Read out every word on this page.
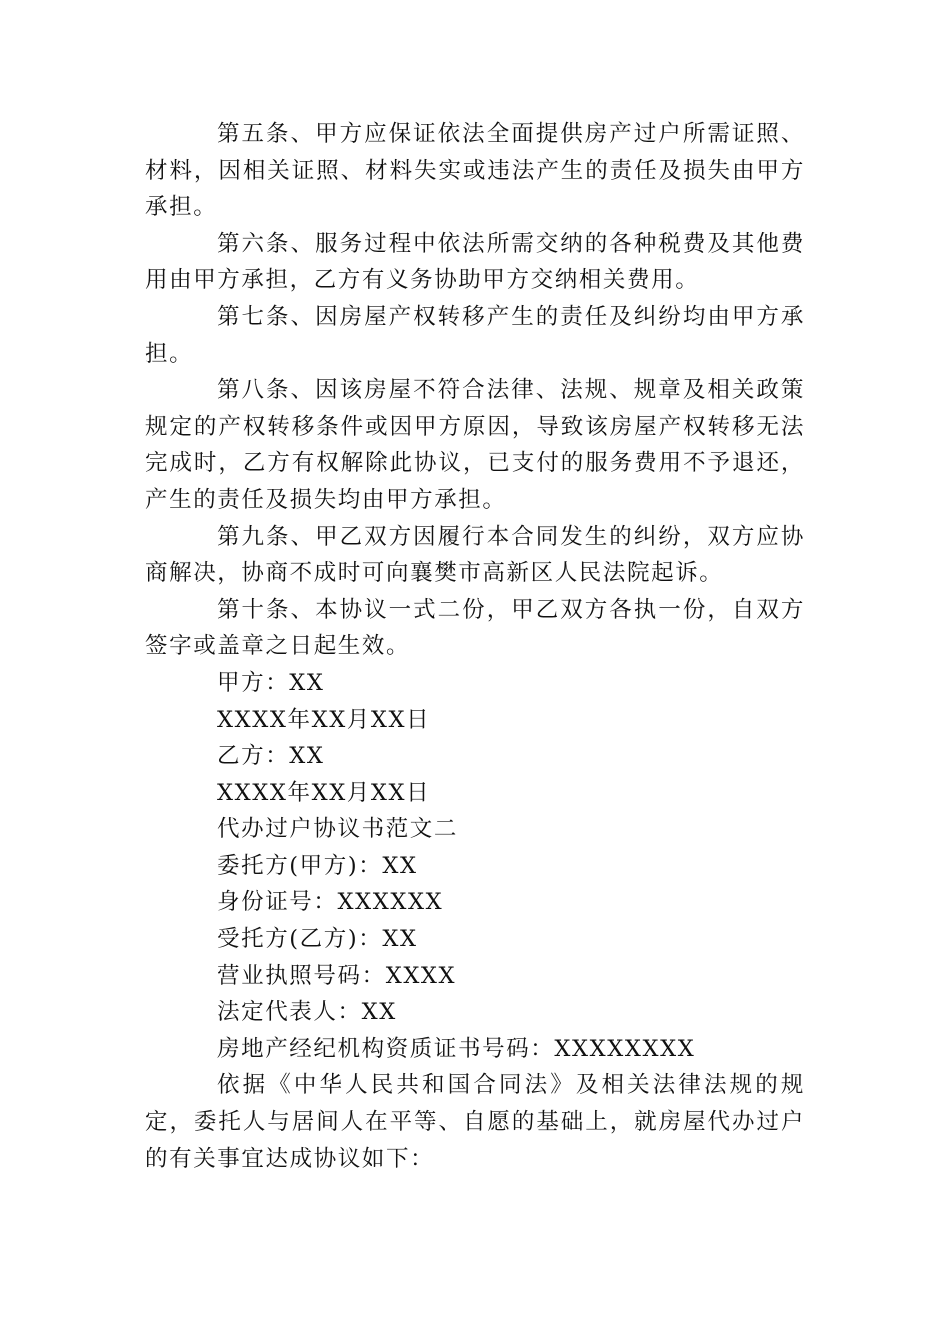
第五条、甲方应保证依法全面提供房产过户所需证照、材料，因相关证照、材料失实或违法产生的责任及损失由甲方承担。

第六条、服务过程中依法所需交纳的各种税费及其他费用由甲方承担，乙方有义务协助甲方交纳相关费用。

第七条、因房屋产权转移产生的责任及纠纷均由甲方承担。

第八条、因该房屋不符合法律、法规、规章及相关政策规定的产权转移条件或因甲方原因，导致该房屋产权转移无法完成时，乙方有权解除此协议，已支付的服务费用不予退还，产生的责任及损失均由甲方承担。

第九条、甲乙双方因履行本合同发生的纠纷，双方应协商解决，协商不成时可向襄樊市高新区人民法院起诉。

第十条、本协议一式二份，甲乙双方各执一份，自双方签字或盖章之日起生效。

甲方：XX

XXXX年XX月XX日

乙方：XX

XXXX年XX月XX日

代办过户协议书范文二

委托方(甲方)：XX

身份证号：XXXXXX

受托方(乙方)：XX

营业执照号码：XXXX

法定代表人：XX

房地产经纪机构资质证书号码：XXXXXXXX

依据《中华人民共和国合同法》及相关法律法规的规定，委托人与居间人在平等、自愿的基础上，就房屋代办过户的有关事宜达成协议如下：
